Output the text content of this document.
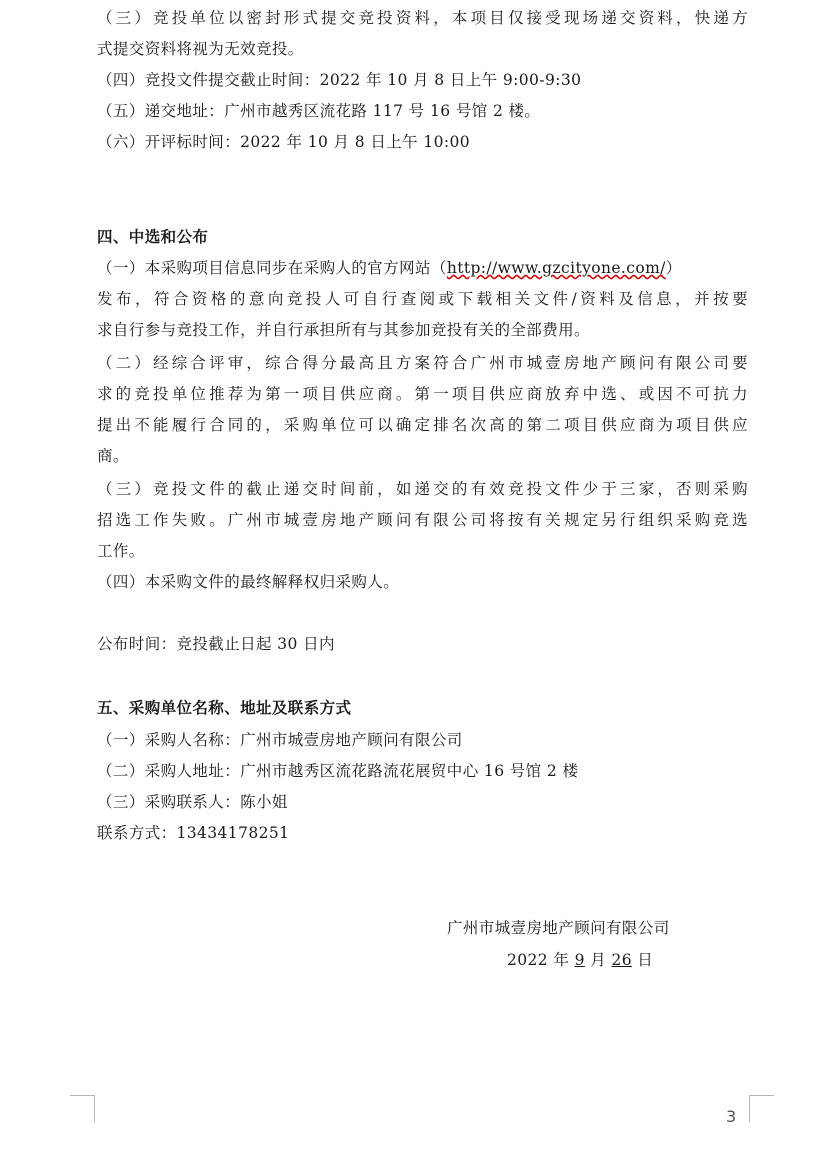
（三）竞投单位以密封形式提交竞投资料，本项目仅接受现场递交资料，快递方
式提交资料将视为无效竞投。
（四）竞投文件提交截止时间：2022 年 10 月 8 日上午 9:00-9:30
（五）递交地址：广州市越秀区流花路 117 号 16 号馆 2 楼。
（六）开评标时间：2022 年 10 月 8 日上午 10:00
四、中选和公布
（一）本采购项目信息同步在采购人的官方网站（http://www.gzcityone.com/）
发布，符合资格的意向竞投人可自行查阅或下载相关文件/资料及信息，并按要
求自行参与竞投工作，并自行承担所有与其参加竞投有关的全部费用。
（二）经综合评审，综合得分最高且方案符合广州市城壹房地产顾问有限公司要
求的竞投单位推荐为第一项目供应商。第一项目供应商放弃中选、或因不可抗力
提出不能履行合同的，采购单位可以确定排名次高的第二项目供应商为项目供应
商。
（三）竞投文件的截止递交时间前，如递交的有效竞投文件少于三家，否则采购
招选工作失败。广州市城壹房地产顾问有限公司将按有关规定另行组织采购竞选
工作。
（四）本采购文件的最终解释权归采购人。
公布时间：竞投截止日起 30 日内
五、采购单位名称、地址及联系方式
（一）采购人名称：广州市城壹房地产顾问有限公司
（二）采购人地址：广州市越秀区流花路流花展贸中心 16 号馆 2 楼
（三）采购联系人：陈小姐
联系方式：13434178251
广州市城壹房地产顾问有限公司
2022 年 9 月 26 日
3
